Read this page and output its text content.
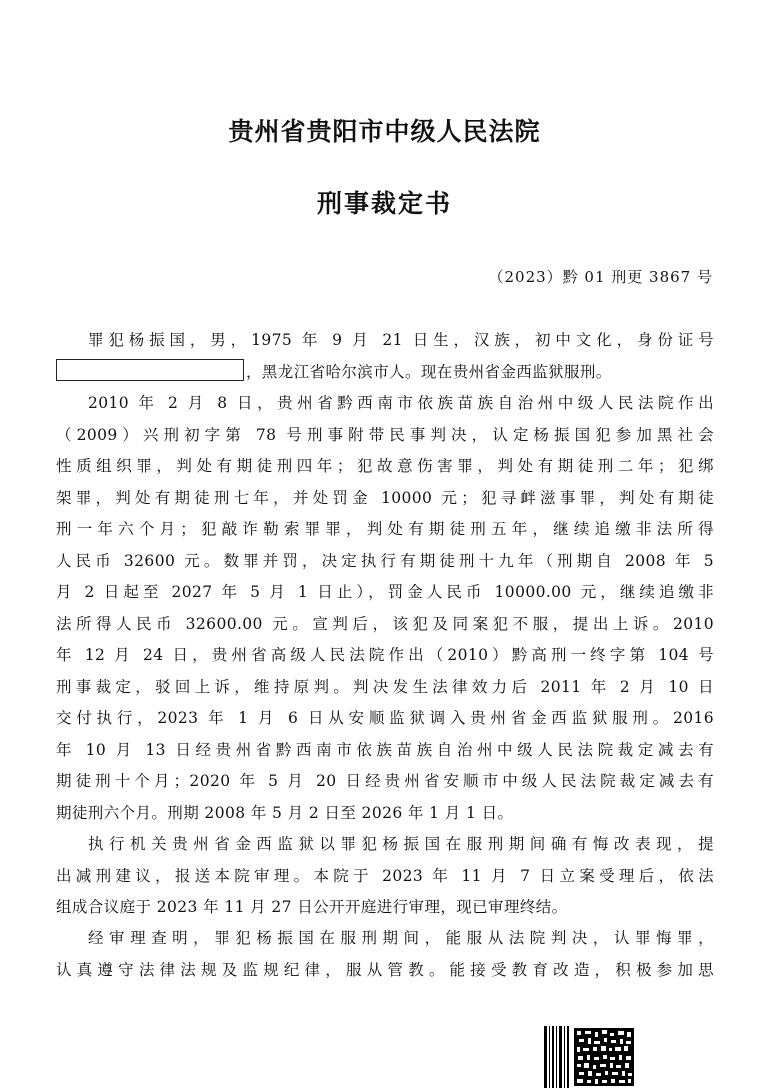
贵州省贵阳市中级人民法院
刑事裁定书
（2023）黔 01 刑更 3867 号
罪犯杨振国，男，1975 年 9 月 21 日生，汉族，初中文化，身份证号
，黑龙江省哈尔滨市人。现在贵州省金西监狱服刑。
2010 年 2 月 8 日，贵州省黔西南市依族苗族自治州中级人民法院作出
（2009）兴刑初字第 78 号刑事附带民事判决，认定杨振国犯参加黑社会
性质组织罪，判处有期徒刑四年；犯故意伤害罪，判处有期徒刑二年；犯绑
架罪，判处有期徒刑七年，并处罚金 10000 元；犯寻衅滋事罪，判处有期徒
刑一年六个月；犯敲诈勒索罪罪，判处有期徒刑五年，继续追缴非法所得
人民币 32600 元。数罪并罚，决定执行有期徒刑十九年（刑期自 2008 年 5
月 2 日起至 2027 年 5 月 1 日止），罚金人民币 10000.00 元，继续追缴非
法所得人民币 32600.00 元。宣判后，该犯及同案犯不服，提出上诉。2010
年 12 月 24 日，贵州省高级人民法院作出（2010）黔高刑一终字第 104 号
刑事裁定，驳回上诉，维持原判。判决发生法律效力后 2011 年 2 月 10 日
交付执行，2023 年 1 月 6 日从安顺监狱调入贵州省金西监狱服刑。2016
年 10 月 13 日经贵州省黔西南市依族苗族自治州中级人民法院裁定减去有
期徒刑十个月；2020 年 5 月 20 日经贵州省安顺市中级人民法院裁定减去有
期徒刑六个月。刑期 2008 年 5 月 2 日至 2026 年 1 月 1 日。
执行机关贵州省金西监狱以罪犯杨振国在服刑期间确有悔改表现，提
出减刑建议，报送本院审理。本院于 2023 年 11 月 7 日立案受理后，依法
组成合议庭于 2023 年 11 月 27 日公开开庭进行审理，现已审理终结。
经审理查明，罪犯杨振国在服刑期间，能服从法院判决，认罪悔罪，
认真遵守法律法规及监规纪律，服从管教。能接受教育改造，积极参加思
